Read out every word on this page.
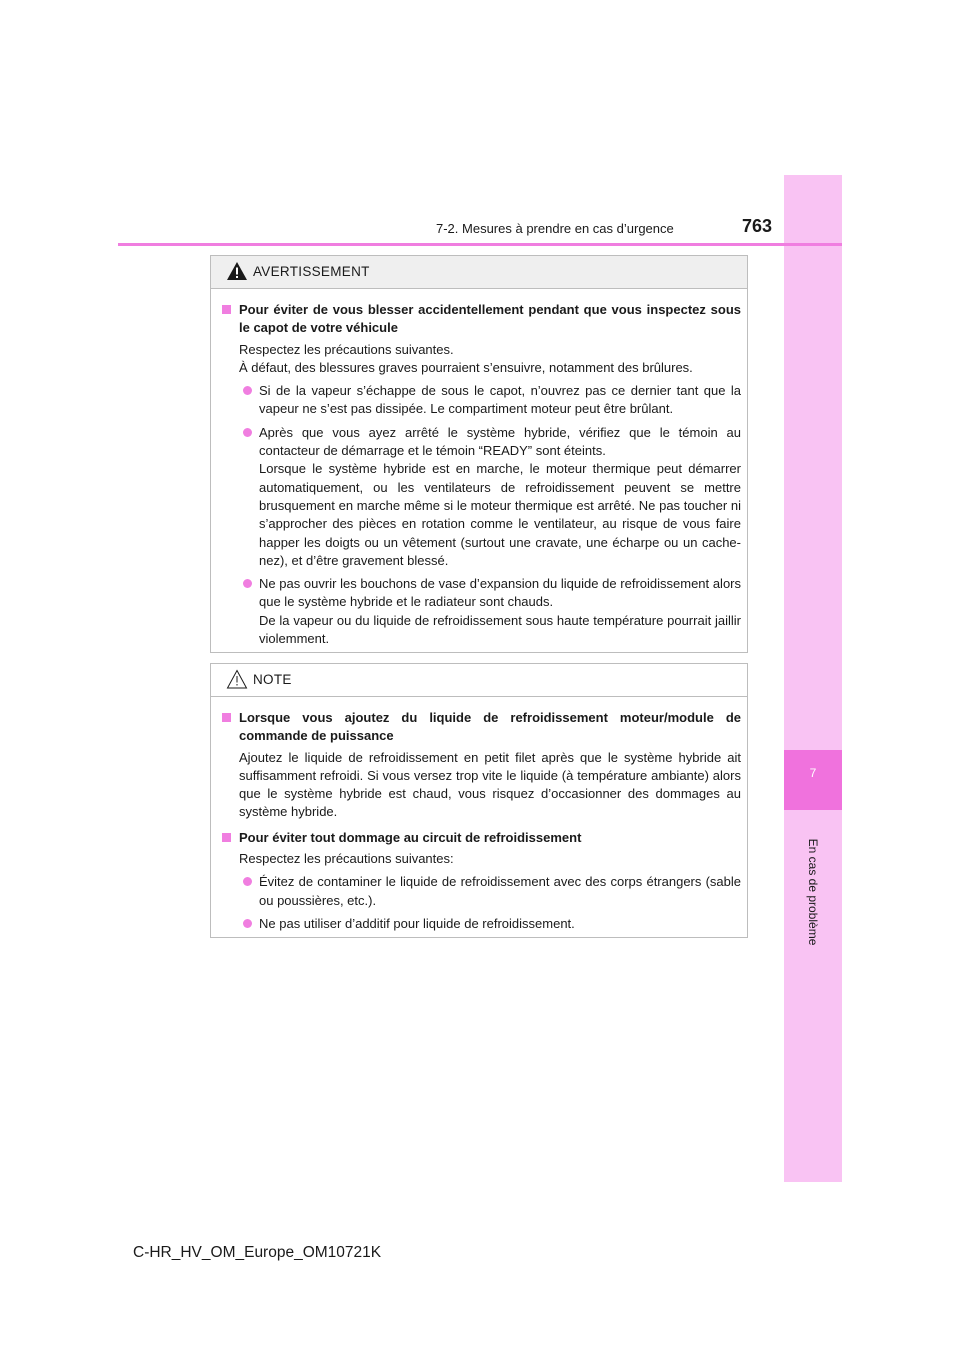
7
En cas de problème
7-2. Mesures à prendre en cas d’urgence	763
AVERTISSEMENT
Pour éviter de vous blesser accidentellement pendant que vous inspectez sous le capot de votre véhicule
Respectez les précautions suivantes.
À défaut, des blessures graves pourraient s’ensuivre, notamment des brûlures.
Si de la vapeur s’échappe de sous le capot, n’ouvrez pas ce dernier tant que la vapeur ne s’est pas dissipée. Le compartiment moteur peut être brûlant.
Après que vous ayez arrêté le système hybride, vérifiez que le témoin au contacteur de démarrage et le témoin “READY” sont éteints.
Lorsque le système hybride est en marche, le moteur thermique peut démarrer automatiquement, ou les ventilateurs de refroidissement peuvent se mettre brusquement en marche même si le moteur thermique est arrêté. Ne pas toucher ni s’approcher des pièces en rotation comme le ventilateur, au risque de vous faire happer les doigts ou un vêtement (surtout une cravate, une écharpe ou un cache-nez), et d’être gravement blessé.
Ne pas ouvrir les bouchons de vase d’expansion du liquide de refroidissement alors que le système hybride et le radiateur sont chauds.
De la vapeur ou du liquide de refroidissement sous haute température pourrait jaillir violemment.
NOTE
Lorsque vous ajoutez du liquide de refroidissement moteur/module de commande de puissance
Ajoutez le liquide de refroidissement en petit filet après que le système hybride ait suffisamment refroidi. Si vous versez trop vite le liquide (à température ambiante) alors que le système hybride est chaud, vous risquez d’occasionner des dommages au système hybride.
Pour éviter tout dommage au circuit de refroidissement
Respectez les précautions suivantes:
Évitez de contaminer le liquide de refroidissement avec des corps étrangers (sable ou poussières, etc.).
Ne pas utiliser d’additif pour liquide de refroidissement.
C-HR_HV_OM_Europe_OM10721K
